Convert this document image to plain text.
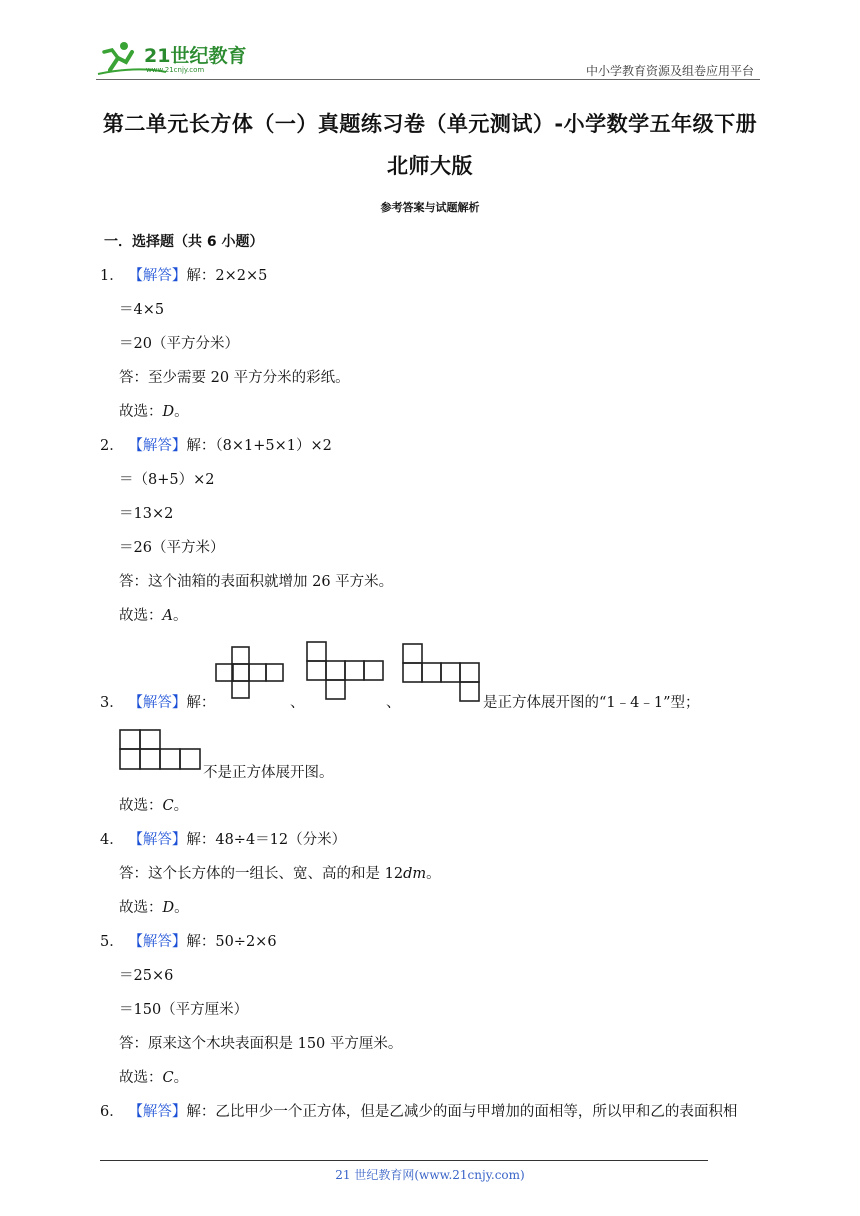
21世纪教育
www.21cnjy.com	中小学教育资源及组卷应用平台
第二单元长方体（一）真题练习卷（单元测试）-小学数学五年级下册
北师大版
参考答案与试题解析
一．选择题（共 6 小题）
1． 【解答】解：2×2×5
＝4×5
＝20（平方分米）
答：至少需要 20 平方分米的彩纸。
故选：D。
2． 【解答】解：（8×1+5×1）×2
＝（8+5）×2
＝13×2
＝26（平方米）
答：这个油箱的表面积就增加 26 平方米。
故选：A。
3． 【解答】解：	、	、	是正方体展开图的“1﹣4﹣1”型；
不是正方体展开图。
故选：C。
4． 【解答】解：48÷4＝12（分米）
答：这个长方体的一组长、宽、高的和是 12dm。
故选：D。
5． 【解答】解：50÷2×6
＝25×6
＝150（平方厘米）
答：原来这个木块表面积是 150 平方厘米。
故选：C。
6． 【解答】解：乙比甲少一个正方体，但是乙减少的面与甲增加的面相等，所以甲和乙的表面积相
21 世纪教育网(www.21cnjy.com)
